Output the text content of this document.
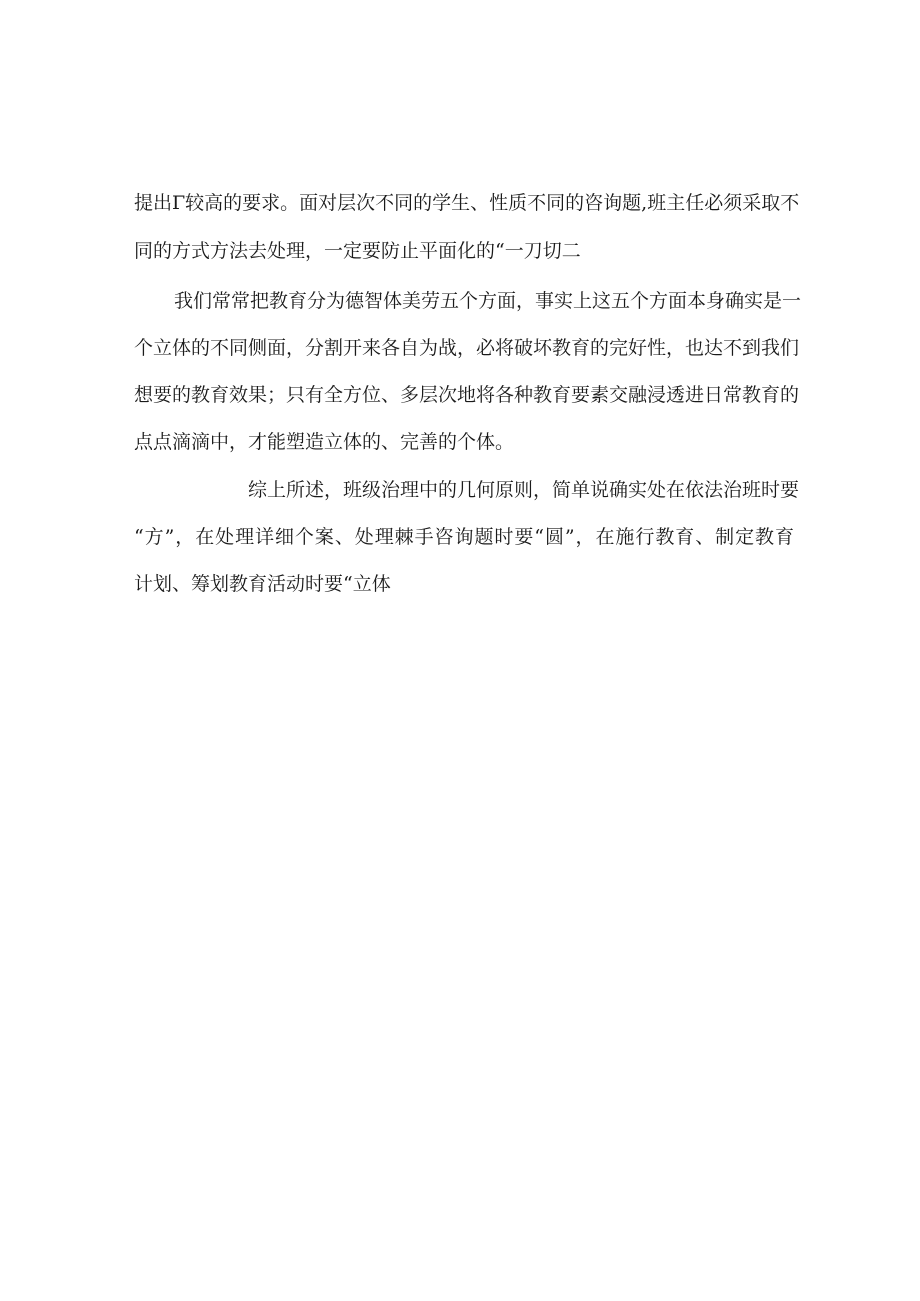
提出Γ较高的要求。面对层次不同的学生、性质不同的咨询题,班主任必须采取不
同的方式方法去处理，一定要防止平面化的“一刀切二
我们常常把教育分为德智体美劳五个方面，事实上这五个方面本身确实是一
个立体的不同侧面，分割开来各自为战，必将破坏教育的完好性，也达不到我们
想要的教育效果；只有全方位、多层次地将各种教育要素交融浸透进日常教育的
点点滴滴中，才能塑造立体的、完善的个体。
综上所述，班级治理中的几何原则，简单说确实处在依法治班时要
“方”，在处理详细个案、处理棘手咨询题时要“圆”，在施行教育、制定教育
计划、筹划教育活动时要“立体
